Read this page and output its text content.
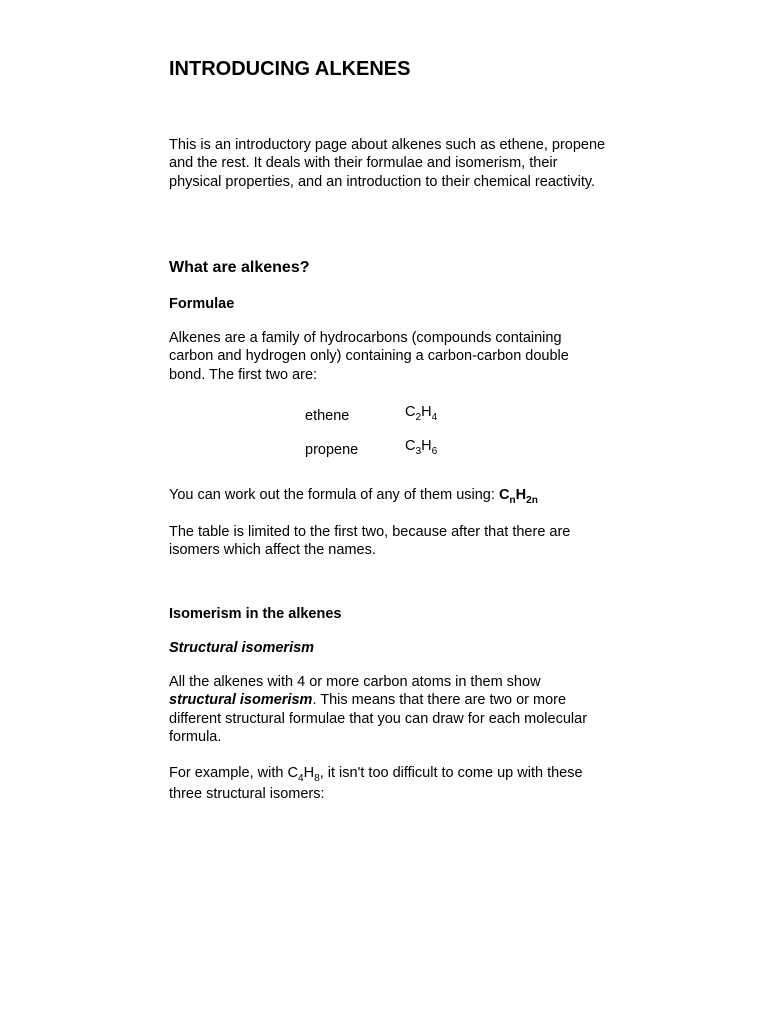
INTRODUCING ALKENES

This is an introductory page about alkenes such as ethene, propene and the rest. It deals with their formulae and isomerism, their physical properties, and an introduction to their chemical reactivity.

What are alkenes?
Formulae

Alkenes are a family of hydrocarbons (compounds containing carbon and hydrogen only) containing a carbon-carbon double bond. The first two are:

ethene	$C_2H_4$
propene	$C_3H_6$

You can work out the formula of any of them using: $C_nH_{2n}$

The table is limited to the first two, because after that there are isomers which affect the names.

Isomerism in the alkenes
Structural isomerism

All the alkenes with 4 or more carbon atoms in them show structural isomerism. This means that there are two or more different structural formulae that you can draw for each molecular formula.

For example, with $C_4H_8$, it isn't too difficult to come up with these three structural isomers:
